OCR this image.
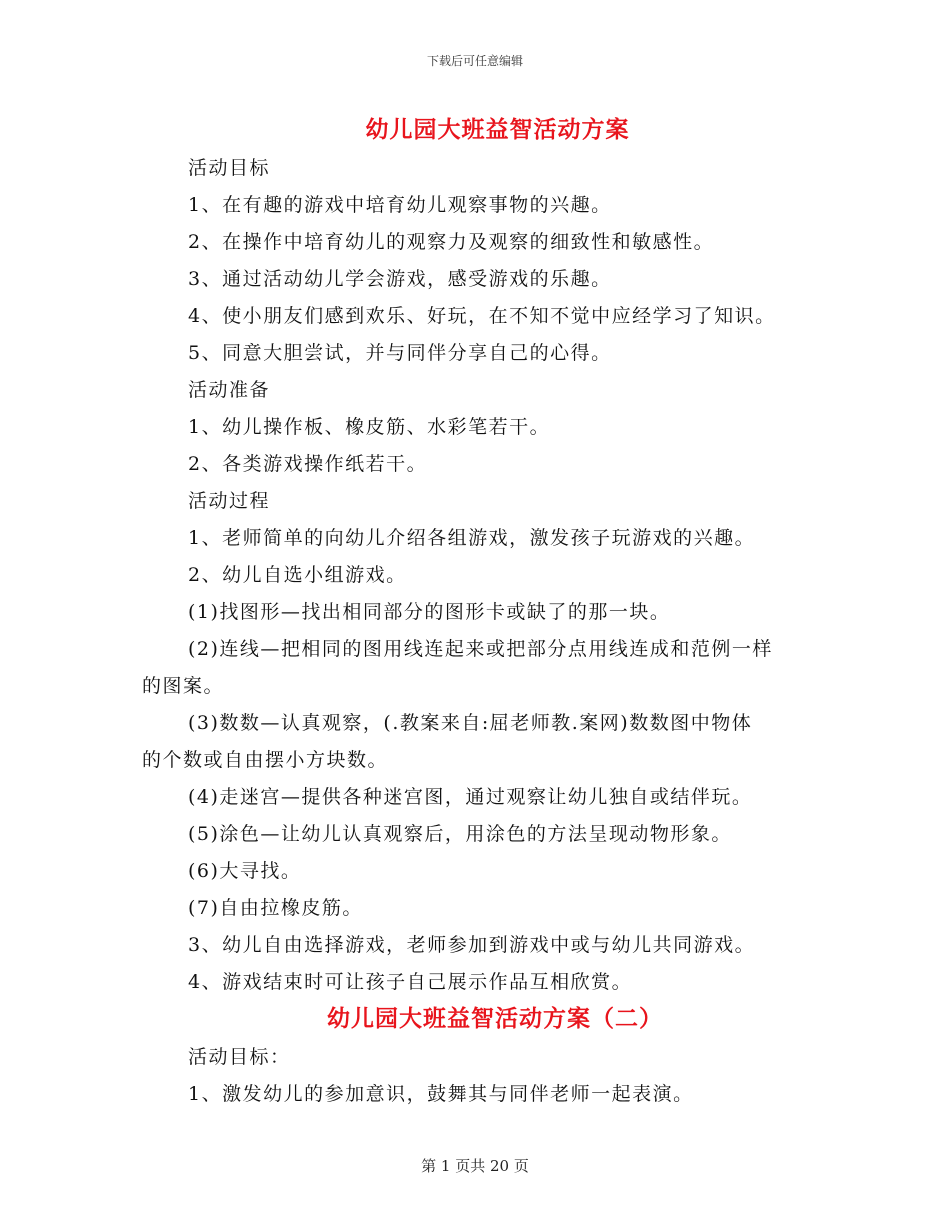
下载后可任意编辑
幼儿园大班益智活动方案
活动目标
1、在有趣的游戏中培育幼儿观察事物的兴趣。
2、在操作中培育幼儿的观察力及观察的细致性和敏感性。
3、通过活动幼儿学会游戏，感受游戏的乐趣。
4、使小朋友们感到欢乐、好玩，在不知不觉中应经学习了知识。
5、同意大胆尝试，并与同伴分享自己的心得。
活动准备
1、幼儿操作板、橡皮筋、水彩笔若干。
2、各类游戏操作纸若干。
活动过程
1、老师简单的向幼儿介绍各组游戏，激发孩子玩游戏的兴趣。
2、幼儿自选小组游戏。
(1)找图形—找出相同部分的图形卡或缺了的那一块。
(2)连线—把相同的图用线连起来或把部分点用线连成和范例一样
的图案。
(3)数数—认真观察，(.教案来自:屈老师教.案网)数数图中物体
的个数或自由摆小方块数。
(4)走迷宫—提供各种迷宫图，通过观察让幼儿独自或结伴玩。
(5)涂色—让幼儿认真观察后，用涂色的方法呈现动物形象。
(6)大寻找。
(7)自由拉橡皮筋。
3、幼儿自由选择游戏，老师参加到游戏中或与幼儿共同游戏。
4、游戏结束时可让孩子自己展示作品互相欣赏。
幼儿园大班益智活动方案（二）
活动目标：
1、激发幼儿的参加意识，鼓舞其与同伴老师一起表演。
第 1 页共 20 页
